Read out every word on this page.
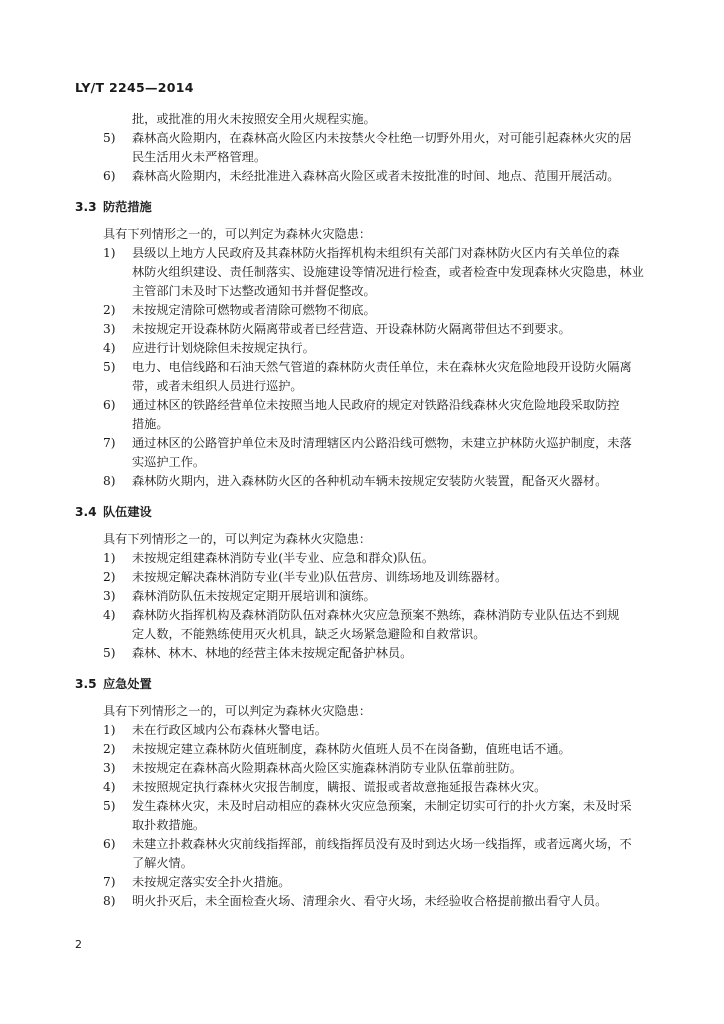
LY/T 2245—2014
批，或批准的用火未按照安全用火规程实施。
5) 森林高火险期内，在森林高火险区内未按禁火令杜绝一切野外用火，对可能引起森林火灾的居
民生活用火未严格管理。
6) 森林高火险期内，未经批准进入森林高火险区或者未按批准的时间、地点、范围开展活动。
3.3 防范措施
具有下列情形之一的，可以判定为森林火灾隐患：
1) 县级以上地方人民政府及其森林防火指挥机构未组织有关部门对森林防火区内有关单位的森
林防火组织建设、责任制落实、设施建设等情况进行检查，或者检查中发现森林火灾隐患，林业
主管部门未及时下达整改通知书并督促整改。
2) 未按规定清除可燃物或者清除可燃物不彻底。
3) 未按规定开设森林防火隔离带或者已经营造、开设森林防火隔离带但达不到要求。
4) 应进行计划烧除但未按规定执行。
5) 电力、电信线路和石油天然气管道的森林防火责任单位，未在森林火灾危险地段开设防火隔离
带，或者未组织人员进行巡护。
6) 通过林区的铁路经营单位未按照当地人民政府的规定对铁路沿线森林火灾危险地段采取防控
措施。
7) 通过林区的公路管护单位未及时清理辖区内公路沿线可燃物，未建立护林防火巡护制度，未落
实巡护工作。
8) 森林防火期内，进入森林防火区的各种机动车辆未按规定安装防火装置，配备灭火器材。
3.4 队伍建设
具有下列情形之一的，可以判定为森林火灾隐患：
1) 未按规定组建森林消防专业(半专业、应急和群众)队伍。
2) 未按规定解决森林消防专业(半专业)队伍营房、训练场地及训练器材。
3) 森林消防队伍未按规定定期开展培训和演练。
4) 森林防火指挥机构及森林消防队伍对森林火灾应急预案不熟练，森林消防专业队伍达不到规
定人数，不能熟练使用灭火机具，缺乏火场紧急避险和自救常识。
5) 森林、林木、林地的经营主体未按规定配备护林员。
3.5 应急处置
具有下列情形之一的，可以判定为森林火灾隐患：
1) 未在行政区域内公布森林火警电话。
2) 未按规定建立森林防火值班制度，森林防火值班人员不在岗备勤，值班电话不通。
3) 未按规定在森林高火险期森林高火险区实施森林消防专业队伍靠前驻防。
4) 未按照规定执行森林火灾报告制度，瞒报、谎报或者故意拖延报告森林火灾。
5) 发生森林火灾，未及时启动相应的森林火灾应急预案，未制定切实可行的扑火方案，未及时采
取扑救措施。
6) 未建立扑救森林火灾前线指挥部，前线指挥员没有及时到达火场一线指挥，或者远离火场，不
了解火情。
7) 未按规定落实安全扑火措施。
8) 明火扑灭后，未全面检查火场、清理余火、看守火场，未经验收合格提前撤出看守人员。
2
